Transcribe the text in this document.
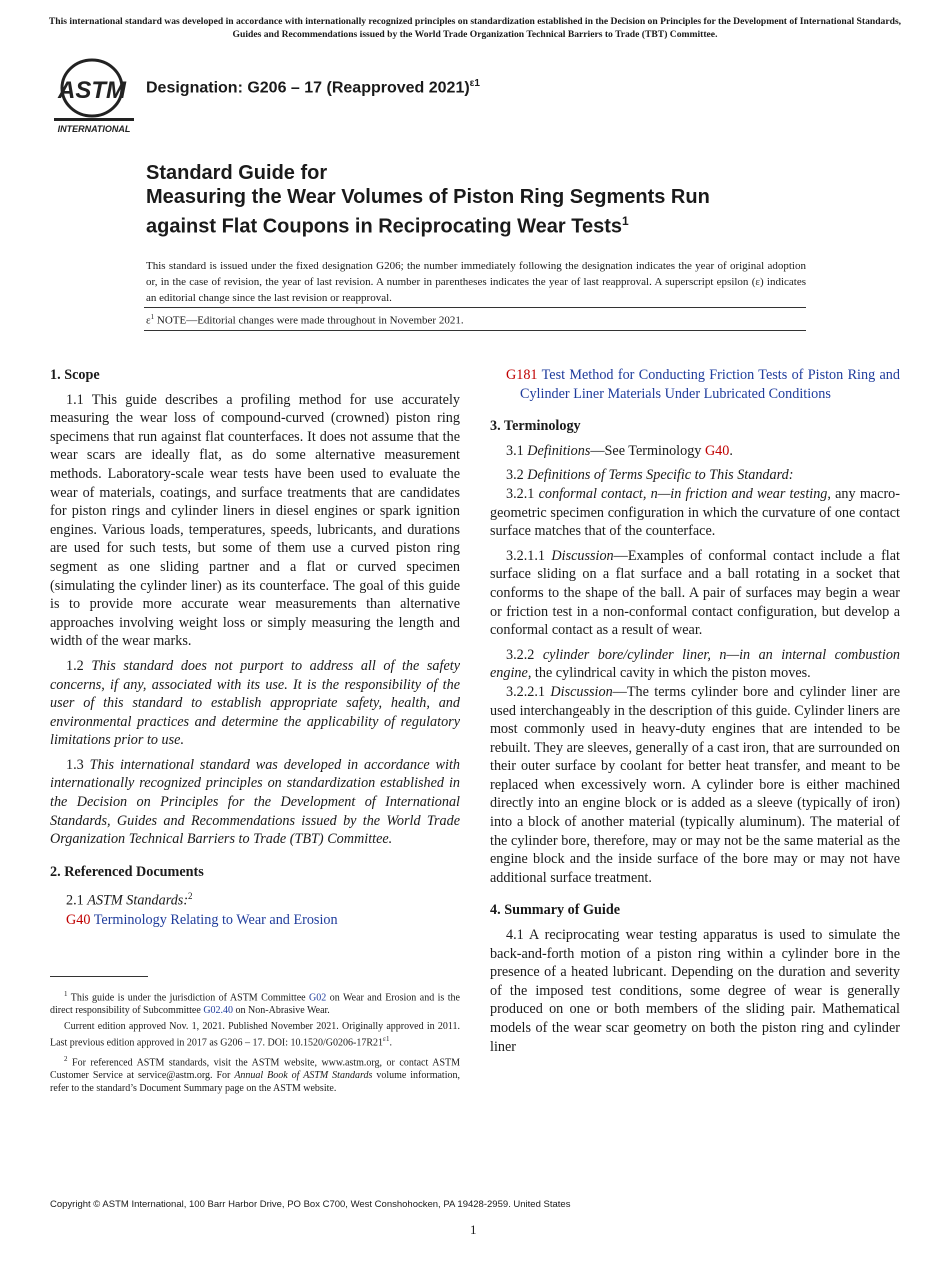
This international standard was developed in accordance with internationally recognized principles on standardization established in the Decision on Principles for the Development of International Standards, Guides and Recommendations issued by the World Trade Organization Technical Barriers to Trade (TBT) Committee.
ASTM
INTERNATIONAL
Designation: G206 – 17 (Reapproved 2021)$^{\varepsilon 1}$
Standard Guide for
Measuring the Wear Volumes of Piston Ring Segments Run
against Flat Coupons in Reciprocating Wear Tests$^1$

This standard is issued under the fixed designation G206; the number immediately following the designation indicates the year of original adoption or, in the case of revision, the year of last revision. A number in parentheses indicates the year of last reapproval. A superscript epsilon (ε) indicates an editorial change since the last revision or reapproval.

$\varepsilon^1$ NOTE—Editorial changes were made throughout in November 2021.
1. Scope

1.1 This guide describes a profiling method for use accurately measuring the wear loss of compound-curved (crowned) piston ring specimens that run against flat counterfaces. It does not assume that the wear scars are ideally flat, as do some alternative measurement methods. Laboratory-scale wear tests have been used to evaluate the wear of materials, coatings, and surface treatments that are candidates for piston rings and cylinder liners in diesel engines or spark ignition engines. Various loads, temperatures, speeds, lubricants, and durations are used for such tests, but some of them use a curved piston ring segment as one sliding partner and a flat or curved specimen (simulating the cylinder liner) as its counterface. The goal of this guide is to provide more accurate wear measurements than alternative approaches involving weight loss or simply measuring the length and width of the wear marks.

1.2 This standard does not purport to address all of the safety concerns, if any, associated with its use. It is the responsibility of the user of this standard to establish appropriate safety, health, and environmental practices and determine the applicability of regulatory limitations prior to use.

1.3 This international standard was developed in accordance with internationally recognized principles on standardization established in the Decision on Principles for the Development of International Standards, Guides and Recommendations issued by the World Trade Organization Technical Barriers to Trade (TBT) Committee.

2. Referenced Documents

2.1 ASTM Standards:$^2$

G40 Terminology Relating to Wear and Erosion

$^1$ This guide is under the jurisdiction of ASTM Committee G02 on Wear and Erosion and is the direct responsibility of Subcommittee G02.40 on Non-Abrasive Wear.

Current edition approved Nov. 1, 2021. Published November 2021. Originally approved in 2011. Last previous edition approved in 2017 as G206 – 17. DOI: $10.1520/G0206-17R21^{\varepsilon 1}$.

$^2$ For referenced ASTM standards, visit the ASTM website, www.astm.org, or contact ASTM Customer Service at service@astm.org. For Annual Book of ASTM Standards volume information, refer to the standard’s Document Summary page on the ASTM website.

G181 Test Method for Conducting Friction Tests of Piston Ring and Cylinder Liner Materials Under Lubricated Conditions

3. Terminology

3.1 Definitions—See Terminology G40.

3.2 Definitions of Terms Specific to This Standard:

3.2.1 conformal contact, n—in friction and wear testing, any macro-geometric specimen configuration in which the curvature of one contact surface matches that of the counterface.

3.2.1.1 Discussion—Examples of conformal contact include a flat surface sliding on a flat surface and a ball rotating in a socket that conforms to the shape of the ball. A pair of surfaces may begin a wear or friction test in a non-conformal contact configuration, but develop a conformal contact as a result of wear.

3.2.2 cylinder bore/cylinder liner, n—in an internal combustion engine, the cylindrical cavity in which the piston moves.

3.2.2.1 Discussion—The terms cylinder bore and cylinder liner are used interchangeably in the description of this guide. Cylinder liners are most commonly used in heavy-duty engines that are intended to be rebuilt. They are sleeves, generally of a cast iron, that are surrounded on their outer surface by coolant for better heat transfer, and meant to be replaced when excessively worn. A cylinder bore is either machined directly into an engine block or is added as a sleeve (typically of iron) into a block of another material (typically aluminum). The material of the cylinder bore, therefore, may or may not be the same material as the engine block and the inside surface of the bore may or may not have additional surface treatment.

4. Summary of Guide

4.1 A reciprocating wear testing apparatus is used to simulate the back-and-forth motion of a piston ring within a cylinder bore in the presence of a heated lubricant. Depending on the duration and severity of the imposed test conditions, some degree of wear is generally produced on one or both members of the sliding pair. Mathematical models of the wear scar geometry on both the piston ring and cylinder liner

Copyright © ASTM International, 100 Barr Harbor Drive, PO Box C700, West Conshohocken, PA 19428-2959. United States
1
